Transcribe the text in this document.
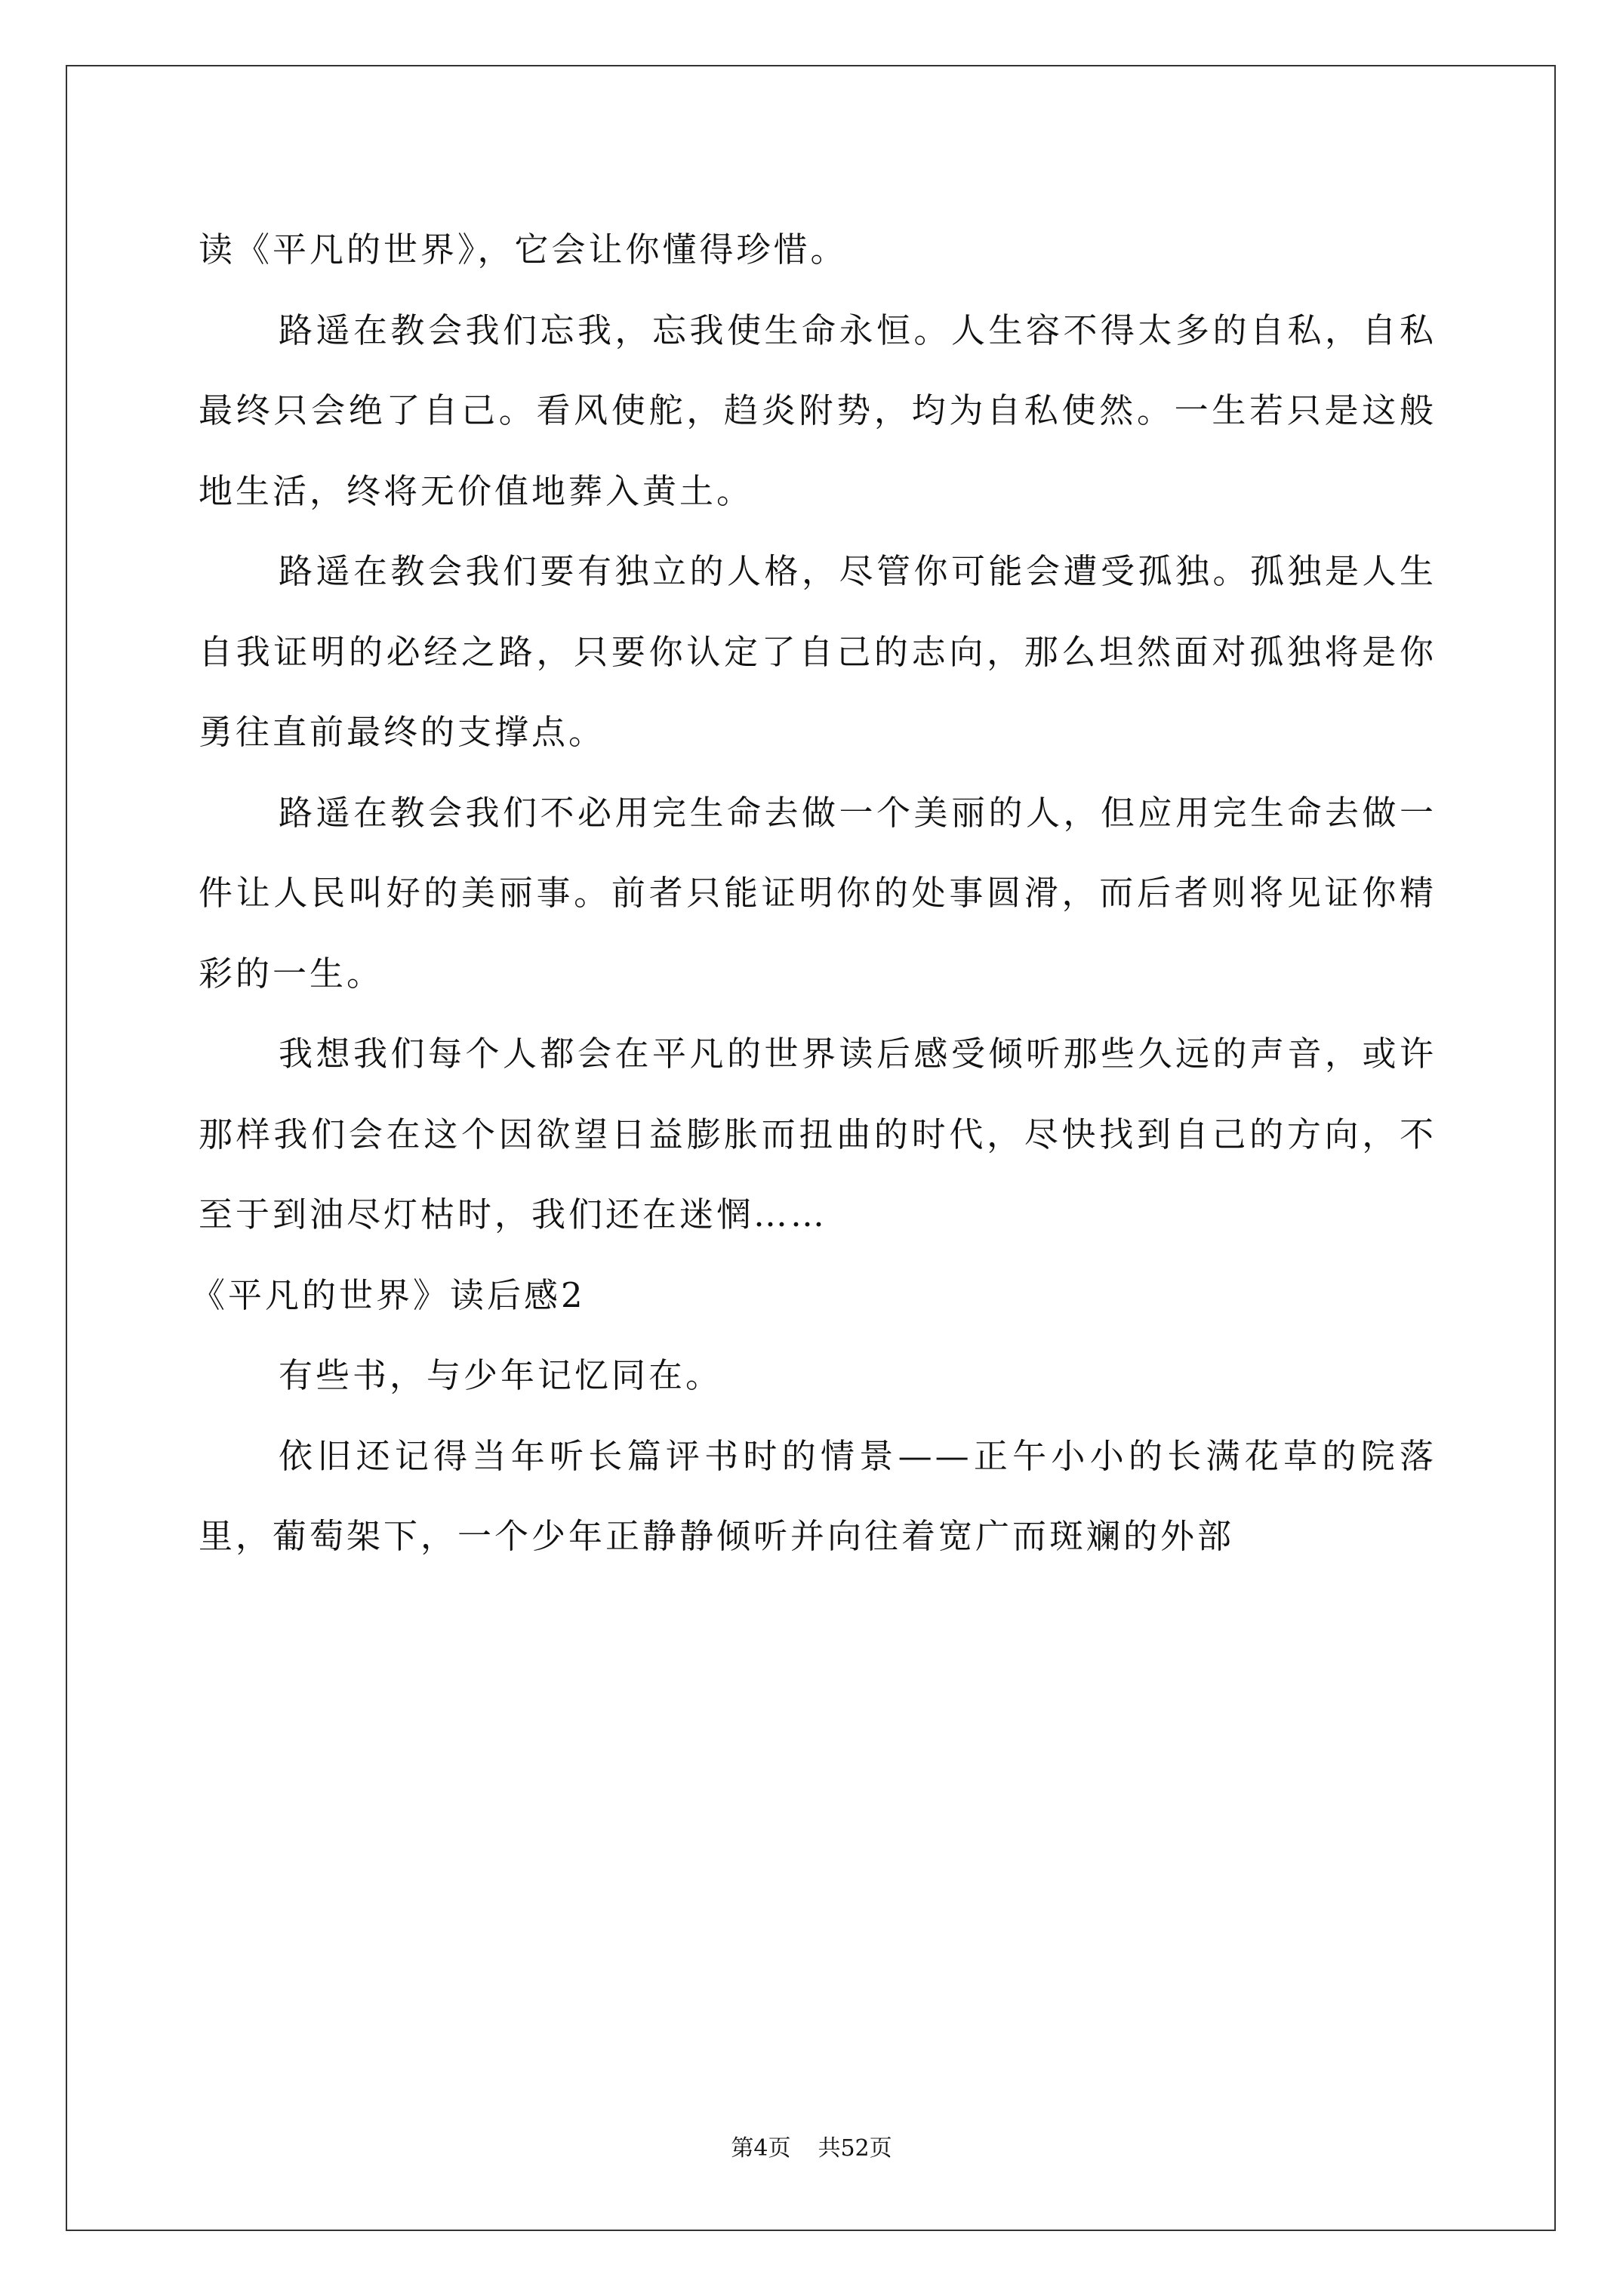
读《平凡的世界》，它会让你懂得珍惜。

路遥在教会我们忘我，忘我使生命永恒。人生容不得太多的自私，自私最终只会绝了自己。看风使舵，趋炎附势，均为自私使然。一生若只是这般地生活，终将无价值地葬入黄土。

路遥在教会我们要有独立的人格，尽管你可能会遭受孤独。孤独是人生自我证明的必经之路，只要你认定了自己的志向，那么坦然面对孤独将是你勇往直前最终的支撑点。

路遥在教会我们不必用完生命去做一个美丽的人，但应用完生命去做一件让人民叫好的美丽事。前者只能证明你的处事圆滑，而后者则将见证你精彩的一生。

我想我们每个人都会在平凡的世界读后感受倾听那些久远的声音，或许那样我们会在这个因欲望日益膨胀而扭曲的时代，尽快找到自己的方向，不至于到油尽灯枯时，我们还在迷惘……

《平凡的世界》读后感2

有些书，与少年记忆同在。

依旧还记得当年听长篇评书时的情景——正午小小的长满花草的院落里，葡萄架下，一个少年正静静倾听并向往着宽广而斑斓的外部

第4页 共52页
